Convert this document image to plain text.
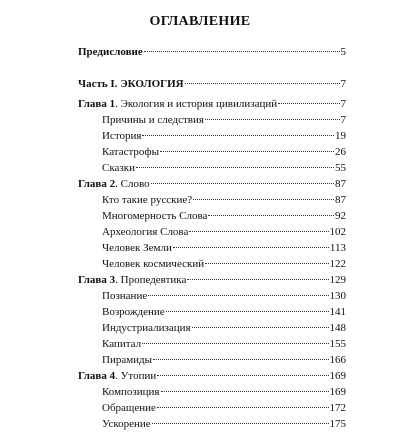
ОГЛАВЛЕНИЕ
Предисловие	5
Часть I. ЭКОЛОГИЯ	7
Глава 1. Экология и история цивилизаций	7
Причины и следствия	7
История	19
Катастрофы	26
Сказки	55
Глава 2. Слово	87
Кто такие русские?	87
Многомерность Слова	92
Археология Слова	102
Человек Земли	113
Человек космический	122
Глава 3. Пропедевтика	129
Познание	130
Возрождение	141
Индустриализация	148
Капитал	155
Пирамиды	166
Глава 4. Утопии	169
Композиция	169
Обращение	172
Ускорение	175
